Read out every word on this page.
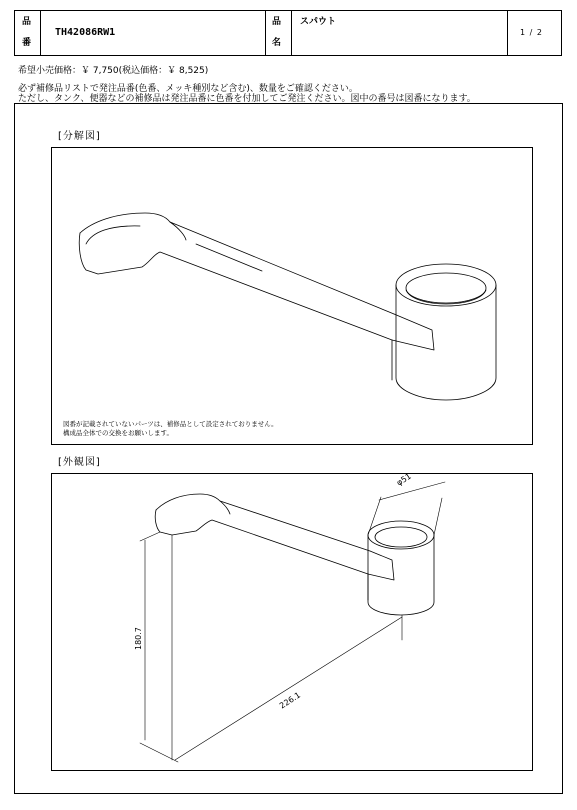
品
番
TH42086RW1
品
名
スパウト
1 / 2
希望小売価格：￥ 7,750(税込価格：￥ 8,525)
必ず補修品リストで発注品番(色番、メッキ種別など含む)、数量をご確認ください。
ただし、タンク、便器などの補修品は発注品番に色番を付加してご発注ください。図中の番号は図番になります。
[分解図]
図番が記載されていないパーツは、補修品として設定されておりません。
構成品全体での交換をお願いします。
[外観図]
φ51
180.7
226.1
